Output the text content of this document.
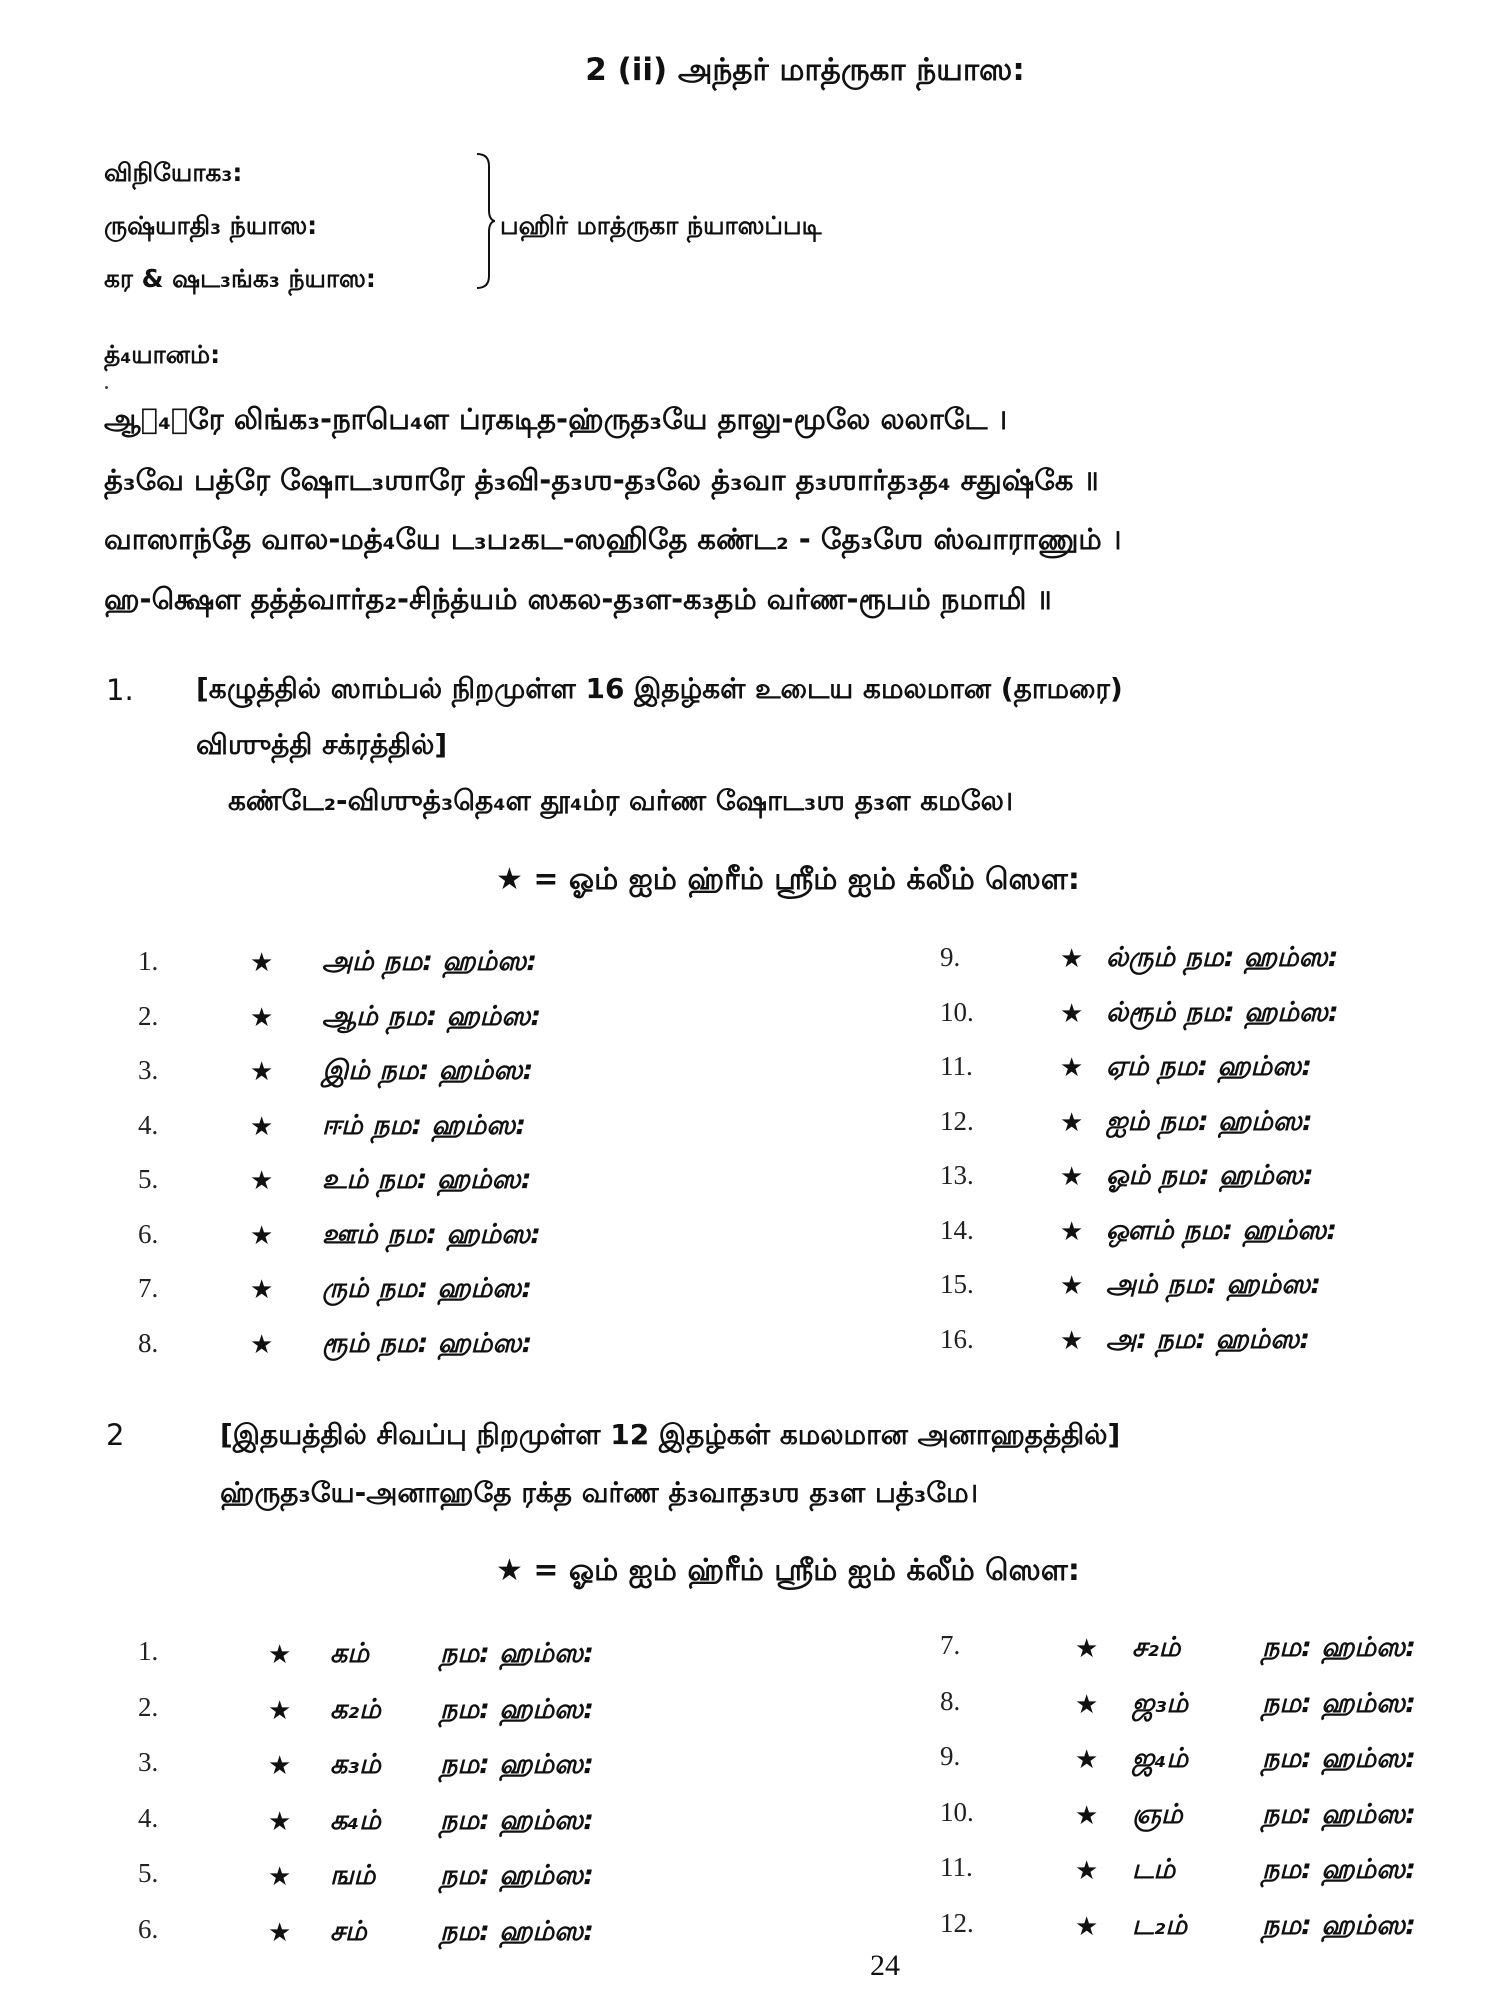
2 (ii) அந்தர் மாத்ருகா ந்யாஸ:
விநியோக₃:
ருஷ்யாதி₃ ந்யாஸ:
கர & ஷட₃ங்க₃ ந்யாஸ:
பஹிர் மாத்ருகா ந்யாஸப்படி
த்₄யானம்:
ஆத₄ாரே லிங்க₃-நாபெ₄ள ப்ரகடித-ஹ்ருத₃யே தாலு-மூலே லலாடே ।
த்₃வே பத்ரே ஷோட₃ஶாரே த்₃வி-த₃ஶ-த₃லே த்₃வா த₃ஶார்த₃த₄ சதுஷ்கே ॥
வாஸாந்தே வால-மத்₄யே ட₃ப₂கட-ஸஹிதே கண்ட₂ - தே₃ஶே ஸ்வாராணும் ।
ஹ-க்ஷெள தத்த்வார்த₂-சிந்த்யம் ஸகல-த₃ள-க₃தம் வர்ண-ரூபம் நமாமி ॥
1. [கழுத்தில் ஸாம்பல் நிறமுள்ள 16 இதழ்கள் உடைய கமலமான (தாமரை)
விஶுத்தி சக்ரத்தில்]
கண்டே₂-விஶுத்₃தெ₄ள தூ₄ம்ர வர்ண ஷோட₃ஶ த₃ள கமலே।
★ = ஓம் ஐம் ஹ்ரீம் ஸ்ரீம் ஐம் க்லீம் ஸெள:
1.	★ அம் நம: ஹம்ஸ:
2.	★ ஆம் நம: ஹம்ஸ:
3.	★ இம் நம: ஹம்ஸ:
4.	★ ஈம் நம: ஹம்ஸ:
5.	★ உம் நம: ஹம்ஸ:
6.	★ ஊம் நம: ஹம்ஸ:
7.	★ ரும் நம: ஹம்ஸ:
8.	★ ரூம் நம: ஹம்ஸ:
9.	★ ல்ரும் நம: ஹம்ஸ:
10.	★ ல்ரூம் நம: ஹம்ஸ:
11.	★ ஏம் நம: ஹம்ஸ:
12.	★ ஐம் நம: ஹம்ஸ:
13.	★ ஓம் நம: ஹம்ஸ:
14.	★ ஔம் நம: ஹம்ஸ:
15.	★ அம் நம: ஹம்ஸ:
16.	★ அ: நம: ஹம்ஸ:
2	[இதயத்தில் சிவப்பு நிறமுள்ள 12 இதழ்கள் கமலமான அனாஹதத்தில்]
ஹ்ருத₃யே-அனாஹதே ரக்த வர்ண த்₃வாத₃ஶ த₃ள பத்₃மே।
★ = ஓம் ஐம் ஹ்ரீம் ஸ்ரீம் ஐம் க்லீம் ஸெள:
1.	★ கம்	நம: ஹம்ஸ:
2.	★ க₂ம் நம: ஹம்ஸ:
3.	★ க₃ம் நம: ஹம்ஸ:
4.	★ க₄ம் நம: ஹம்ஸ:
5.	★ ஙம் நம: ஹம்ஸ:
6.	★ சம்	நம: ஹம்ஸ:
7.	★ ச₂ம்	நம: ஹம்ஸ:
8.	★ ஜ₃ம்	நம: ஹம்ஸ:
9.	★ ஜ₄ம்	நம: ஹம்ஸ:
10.	★ ஞம்	நம: ஹம்ஸ:
11.	★ டம்	நம: ஹம்ஸ:
12.	★ ட₂ம்	நம: ஹம்ஸ:
24
